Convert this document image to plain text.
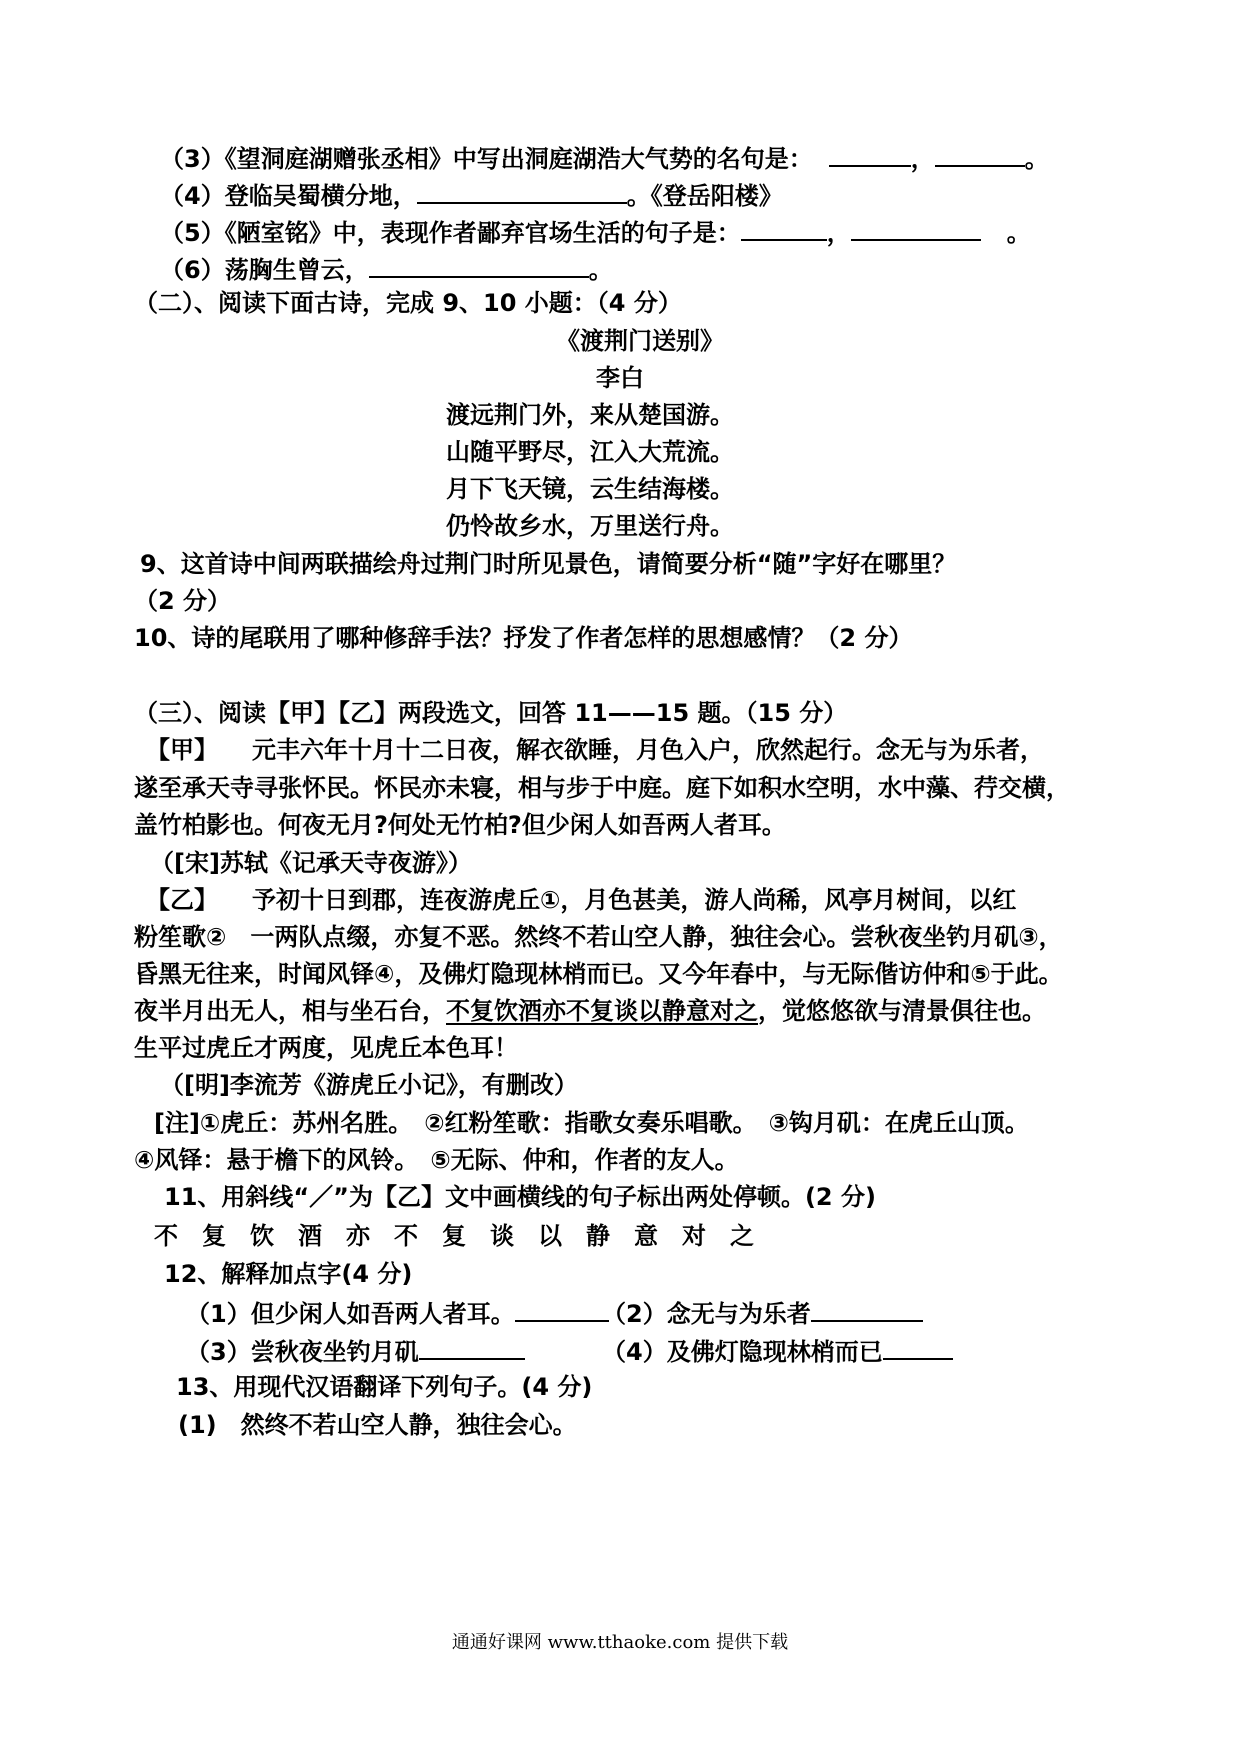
（3）《望洞庭湖赠张丞相》中写出洞庭湖浩大气势的名句是：	，	。
（4）登临吴蜀横分地，	。《登岳阳楼》
（5）《陋室铭》中，表现作者鄙弃官场生活的句子是：	，	。
（6）荡胸生曾云，	。
（二）、阅读下面古诗，完成 9、10 小题：（4 分）
《渡荆门送别》
李白
渡远荆门外，来从楚国游。
山随平野尽，江入大荒流。
月下飞天镜，云生结海楼。
仍怜故乡水，万里送行舟。
9、这首诗中间两联描绘舟过荆门时所见景色，请简要分析“随”字好在哪里？
（2 分）
10、诗的尾联用了哪种修辞手法？抒发了作者怎样的思想感情？（2 分）
（三）、阅读【甲】【乙】两段选文，回答 11——15 题。（15 分）
【甲】 元丰六年十月十二日夜，解衣欲睡，月色入户，欣然起行。念无与为乐者，
遂至承天寺寻张怀民。怀民亦未寝，相与步于中庭。庭下如积水空明，水中藻、荇交横，
盖竹柏影也。何夜无月?何处无竹柏?但少闲人如吾两人者耳。
（[宋]苏轼《记承天寺夜游》）
【乙】 予初十日到郡，连夜游虎丘①，月色甚美，游人尚稀，风亭月树间，以红
粉笙歌②　一两队点缀，亦复不恶。然终不若山空人静，独往会心。尝秋夜坐钓月矶③，
昏黑无往来，时闻风铎④，及佛灯隐现林梢而已。又今年春中，与无际偕访仲和⑤于此。
夜半月出无人，相与坐石台，不复饮酒亦不复谈以静意对之，觉悠悠欲与清景俱往也。
生平过虎丘才两度，见虎丘本色耳！
（[明]李流芳《游虎丘小记》，有删改）
[注]①虎丘：苏州名胜。　②红粉笙歌：指歌女奏乐唱歌。　③钩月矶：在虎丘山顶。
④风铎：悬于檐下的风铃。　⑤无际、仲和，作者的友人。
11、用斜线“／”为【乙】文中画横线的句子标出两处停顿。(2 分)
不 复 饮 酒 亦 不 复 谈 以 静 意 对 之
12、解释加点字(4 分)
（1）但少闲人如吾两人者耳。	（2）念无与为乐者
（3）尝秋夜坐钓月矶	（4）及佛灯隐现林梢而已
13、用现代汉语翻译下列句子。(4 分)
(1)　然终不若山空人静，独往会心。
通通好课网 www.tthaoke.com 提供下载
